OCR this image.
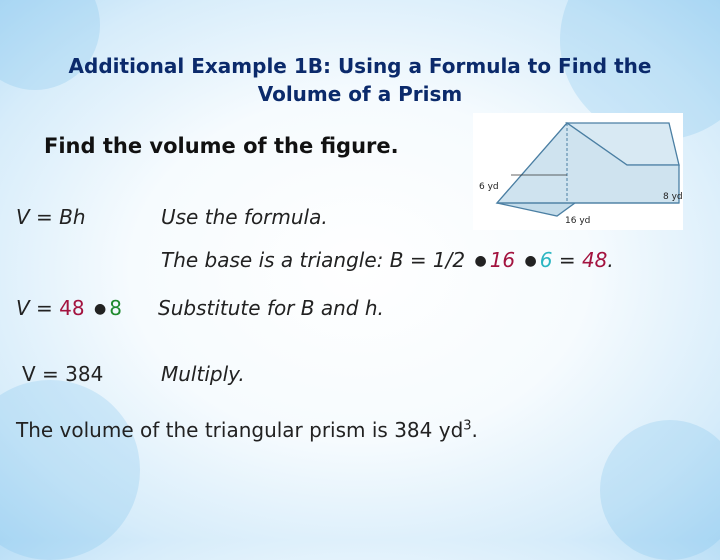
Additional Example 1B: Using a Formula to Find the
Volume of a Prism
Find the volume of the figure.
6 yd
8 yd
16 yd
V = Bh	Use the formula.
The base is a triangle: B = 1/2 ● 16 ● 6 = 48.
V = 48 ● 8 Substitute for B and h.
V = 384	Multiply.
The volume of the triangular prism is 384 $yd^3$.
